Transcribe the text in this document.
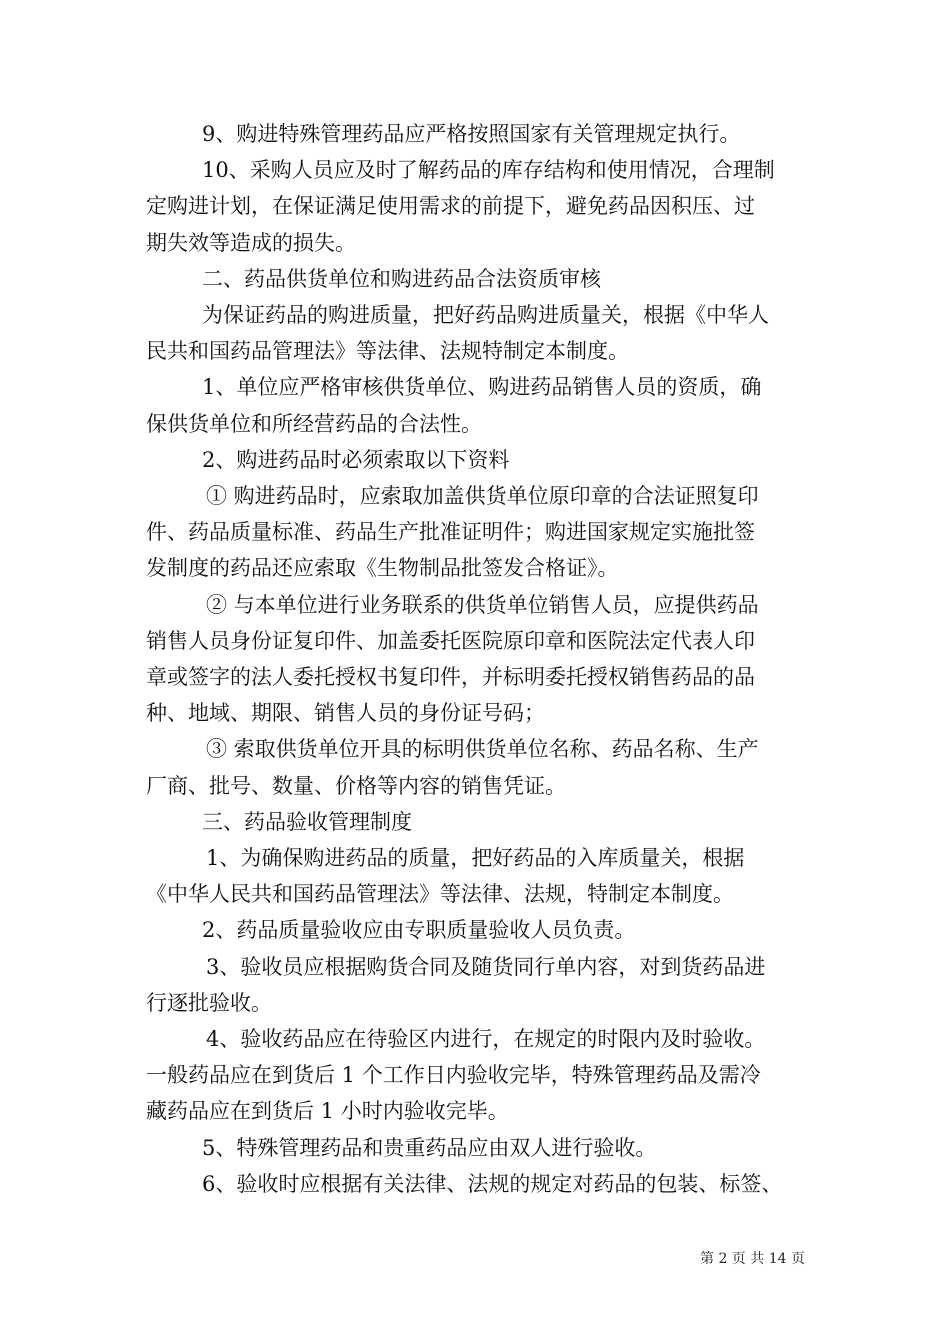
9、购进特殊管理药品应严格按照国家有关管理规定执行。

10、采购人员应及时了解药品的库存结构和使用情况，合理制

定购进计划，在保证满足使用需求的前提下，避免药品因积压、过

期失效等造成的损失。

二、药品供货单位和购进药品合法资质审核

为保证药品的购进质量，把好药品购进质量关，根据《中华人

民共和国药品管理法》等法律、法规特制定本制度。

1、单位应严格审核供货单位、购进药品销售人员的资质，确

保供货单位和所经营药品的合法性。

2、购进药品时必须索取以下资料

① 购进药品时，应索取加盖供货单位原印章的合法证照复印

件、药品质量标准、药品生产批准证明件；购进国家规定实施批签

发制度的药品还应索取《生物制品批签发合格证》。

② 与本单位进行业务联系的供货单位销售人员，应提供药品

销售人员身份证复印件、加盖委托医院原印章和医院法定代表人印

章或签字的法人委托授权书复印件，并标明委托授权销售药品的品

种、地域、期限、销售人员的身份证号码；

③ 索取供货单位开具的标明供货单位名称、药品名称、生产

厂商、批号、数量、价格等内容的销售凭证。

三、药品验收管理制度

1、为确保购进药品的质量，把好药品的入库质量关，根据

《中华人民共和国药品管理法》等法律、法规，特制定本制度。

2、药品质量验收应由专职质量验收人员负责。

3、验收员应根据购货合同及随货同行单内容，对到货药品进

行逐批验收。

4、验收药品应在待验区内进行，在规定的时限内及时验收。

一般药品应在到货后 1 个工作日内验收完毕，特殊管理药品及需冷

藏药品应在到货后 1 小时内验收完毕。

5、特殊管理药品和贵重药品应由双人进行验收。

6、验收时应根据有关法律、法规的规定对药品的包装、标签、

第 2 页 共 14 页
